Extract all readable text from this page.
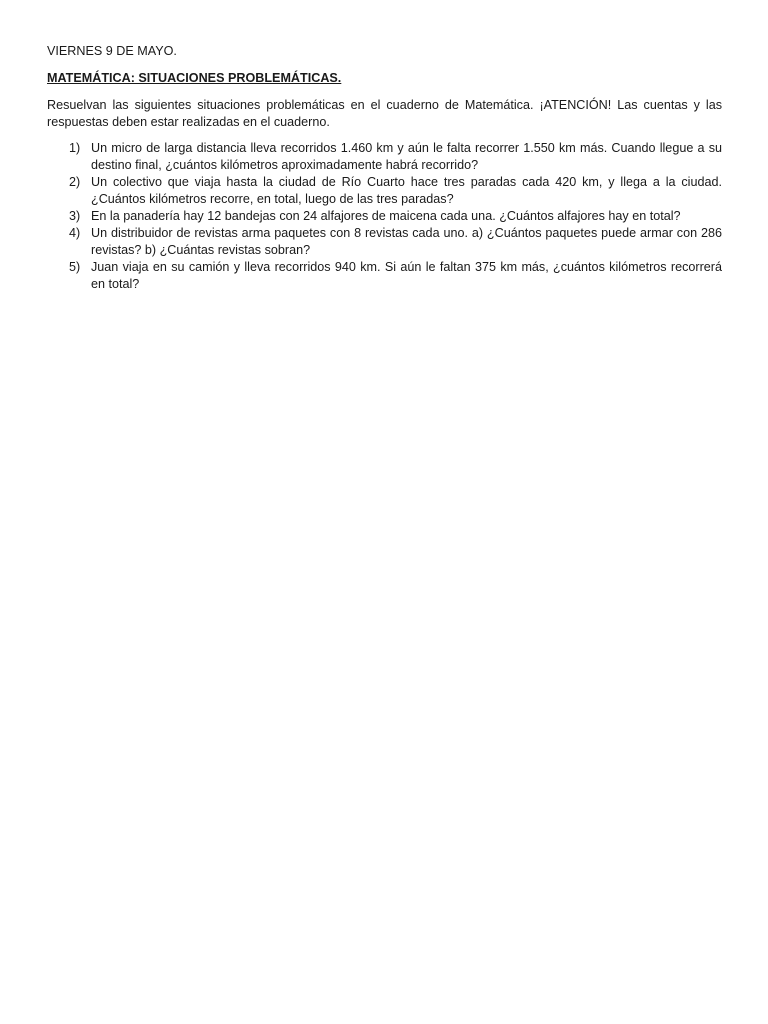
VIERNES 9 DE MAYO.

MATEMÁTICA: SITUACIONES PROBLEMÁTICAS.

Resuelvan las siguientes situaciones problemáticas en el cuaderno de Matemática. ¡ATENCIÓN! Las cuentas y las respuestas deben estar realizadas en el cuaderno.

1) Un micro de larga distancia lleva recorridos 1.460 km y aún le falta recorrer 1.550 km más. Cuando llegue a su destino final, ¿cuántos kilómetros aproximadamente habrá recorrido?
2) Un colectivo que viaja hasta la ciudad de Río Cuarto hace tres paradas cada 420 km, y llega a la ciudad. ¿Cuántos kilómetros recorre, en total, luego de las tres paradas?
3) En la panadería hay 12 bandejas con 24 alfajores de maicena cada una. ¿Cuántos alfajores hay en total?
4) Un distribuidor de revistas arma paquetes con 8 revistas cada uno. a) ¿Cuántos paquetes puede armar con 286 revistas? b) ¿Cuántas revistas sobran?
5) Juan viaja en su camión y lleva recorridos 940 km. Si aún le faltan 375 km más, ¿cuántos kilómetros recorrerá en total?
